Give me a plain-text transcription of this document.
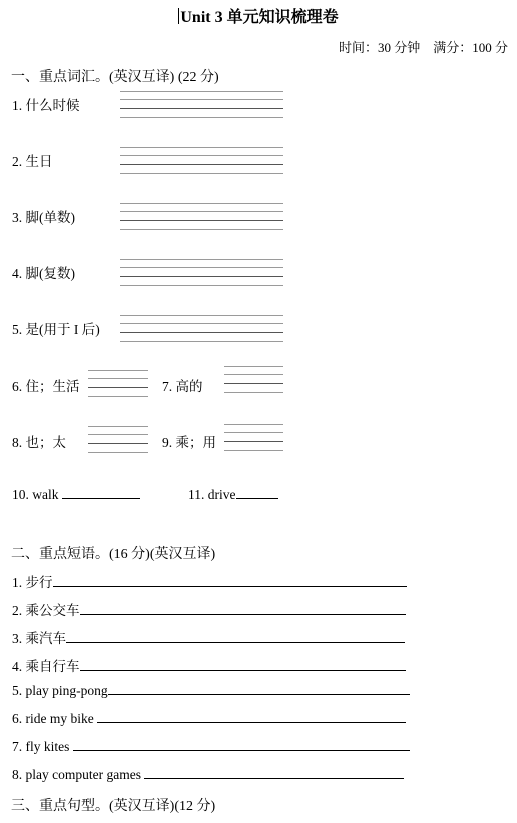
Unit 3 单元知识梳理卷
时间：30 分钟    满分：100 分
一、重点词汇。(英汉互译) (22 分)
1. 什么时候
2. 生日
3. 脚(单数)
4. 脚(复数)
5. 是(用于 I 后)
6. 住；生活	7. 高的
8. 也；太	9. 乘；用
10. walk	11. drive
二、重点短语。(16 分)(英汉互译)
1. 步行
2. 乘公交车
3. 乘汽车
4. 乘自行车
5. play ping-pong
6. ride my bike
7. fly kites
8. play computer games
三、重点句型。(英汉互译)(12 分)
